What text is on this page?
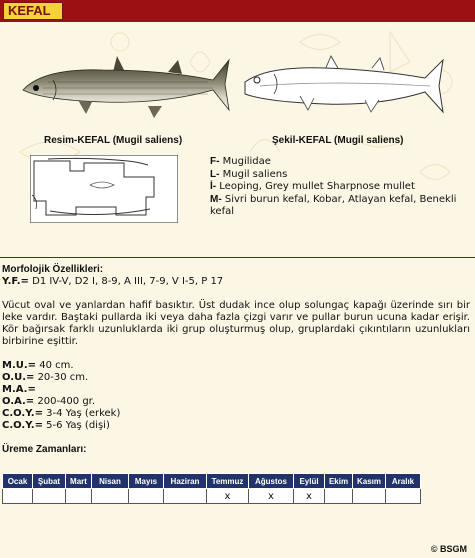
KEFAL
Resim-KEFAL (Mugil saliens)	Şekil-KEFAL (Mugil saliens)
F- Mugilidae
L- Mugil saliens
İ- Leoping, Grey mullet Sharpnose mullet
M- Sivri burun kefal, Kobar, Atlayan kefal, Benekli kefal
Morfolojik Özellikleri:
Y.F.= D1 IV-V, D2 I, 8-9, A III, 7-9, V I-5, P 17

Vücut oval ve yanlardan hafif basıktır. Üst dudak ince olup solungaç kapağı üzerinde sırı bir leke vardır. Baştaki pullarda iki veya daha fazla çizgi varır ve pullar burun ucuna kadar erişir. Kör bağırsak farklı uzunluklarda iki grup oluşturmuş olup, gruplardaki çıkıntıların uzunlukları birbirine eşittir.

M.U.= 40 cm.
O.U.= 20-30 cm.
M.A.=
O.A.= 200-400 gr.
C.O.Y.= 3-4 Yaş (erkek)
C.O.Y.= 5-6 Yaş (dişi)
Üreme Zamanları:
Ocak	Şubat	Mart	Nisan	Mayıs	Haziran	Temmuz	Ağustos	Eylül	Ekim	Kasım	Aralık
						x	x	x			
© BSGM
